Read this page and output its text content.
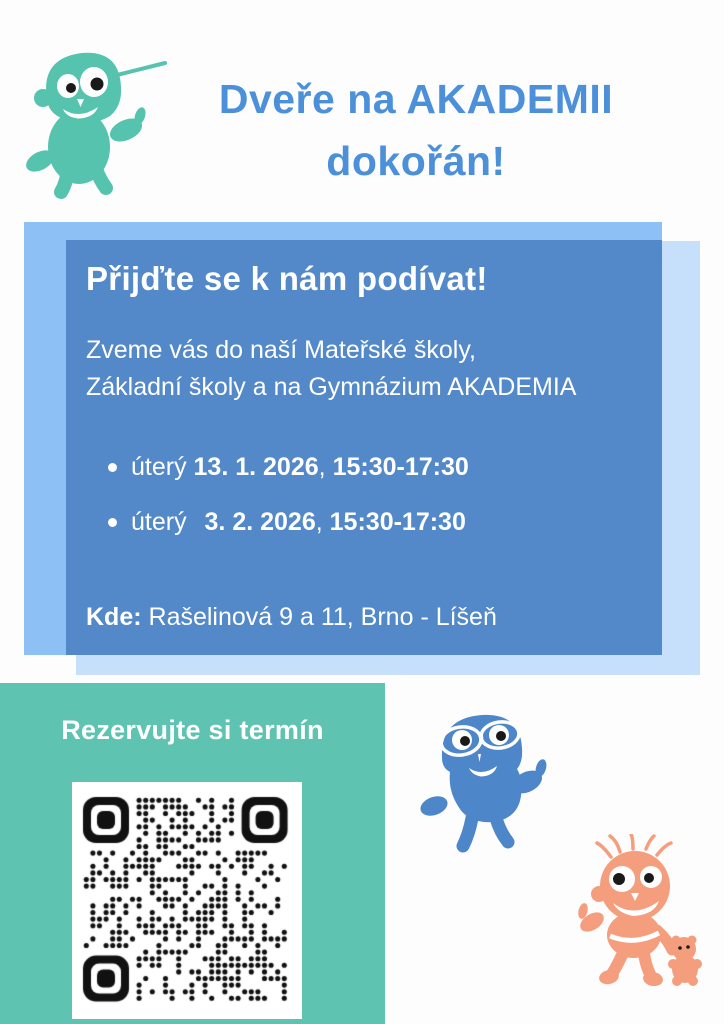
Dveře na AKADEMII
dokořán!
Přijďte se k nám podívat!
Zveme vás do naší Mateřské školy,
Základní školy a na Gymnázium AKADEMIA
úterý 13. 1. 2026 , 15:30-17:30
úterý 3. 2. 2026 , 15:30-17:30
Kde: Rašelinová 9 a 11, Brno - Líšeň
Rezervujte si termín
